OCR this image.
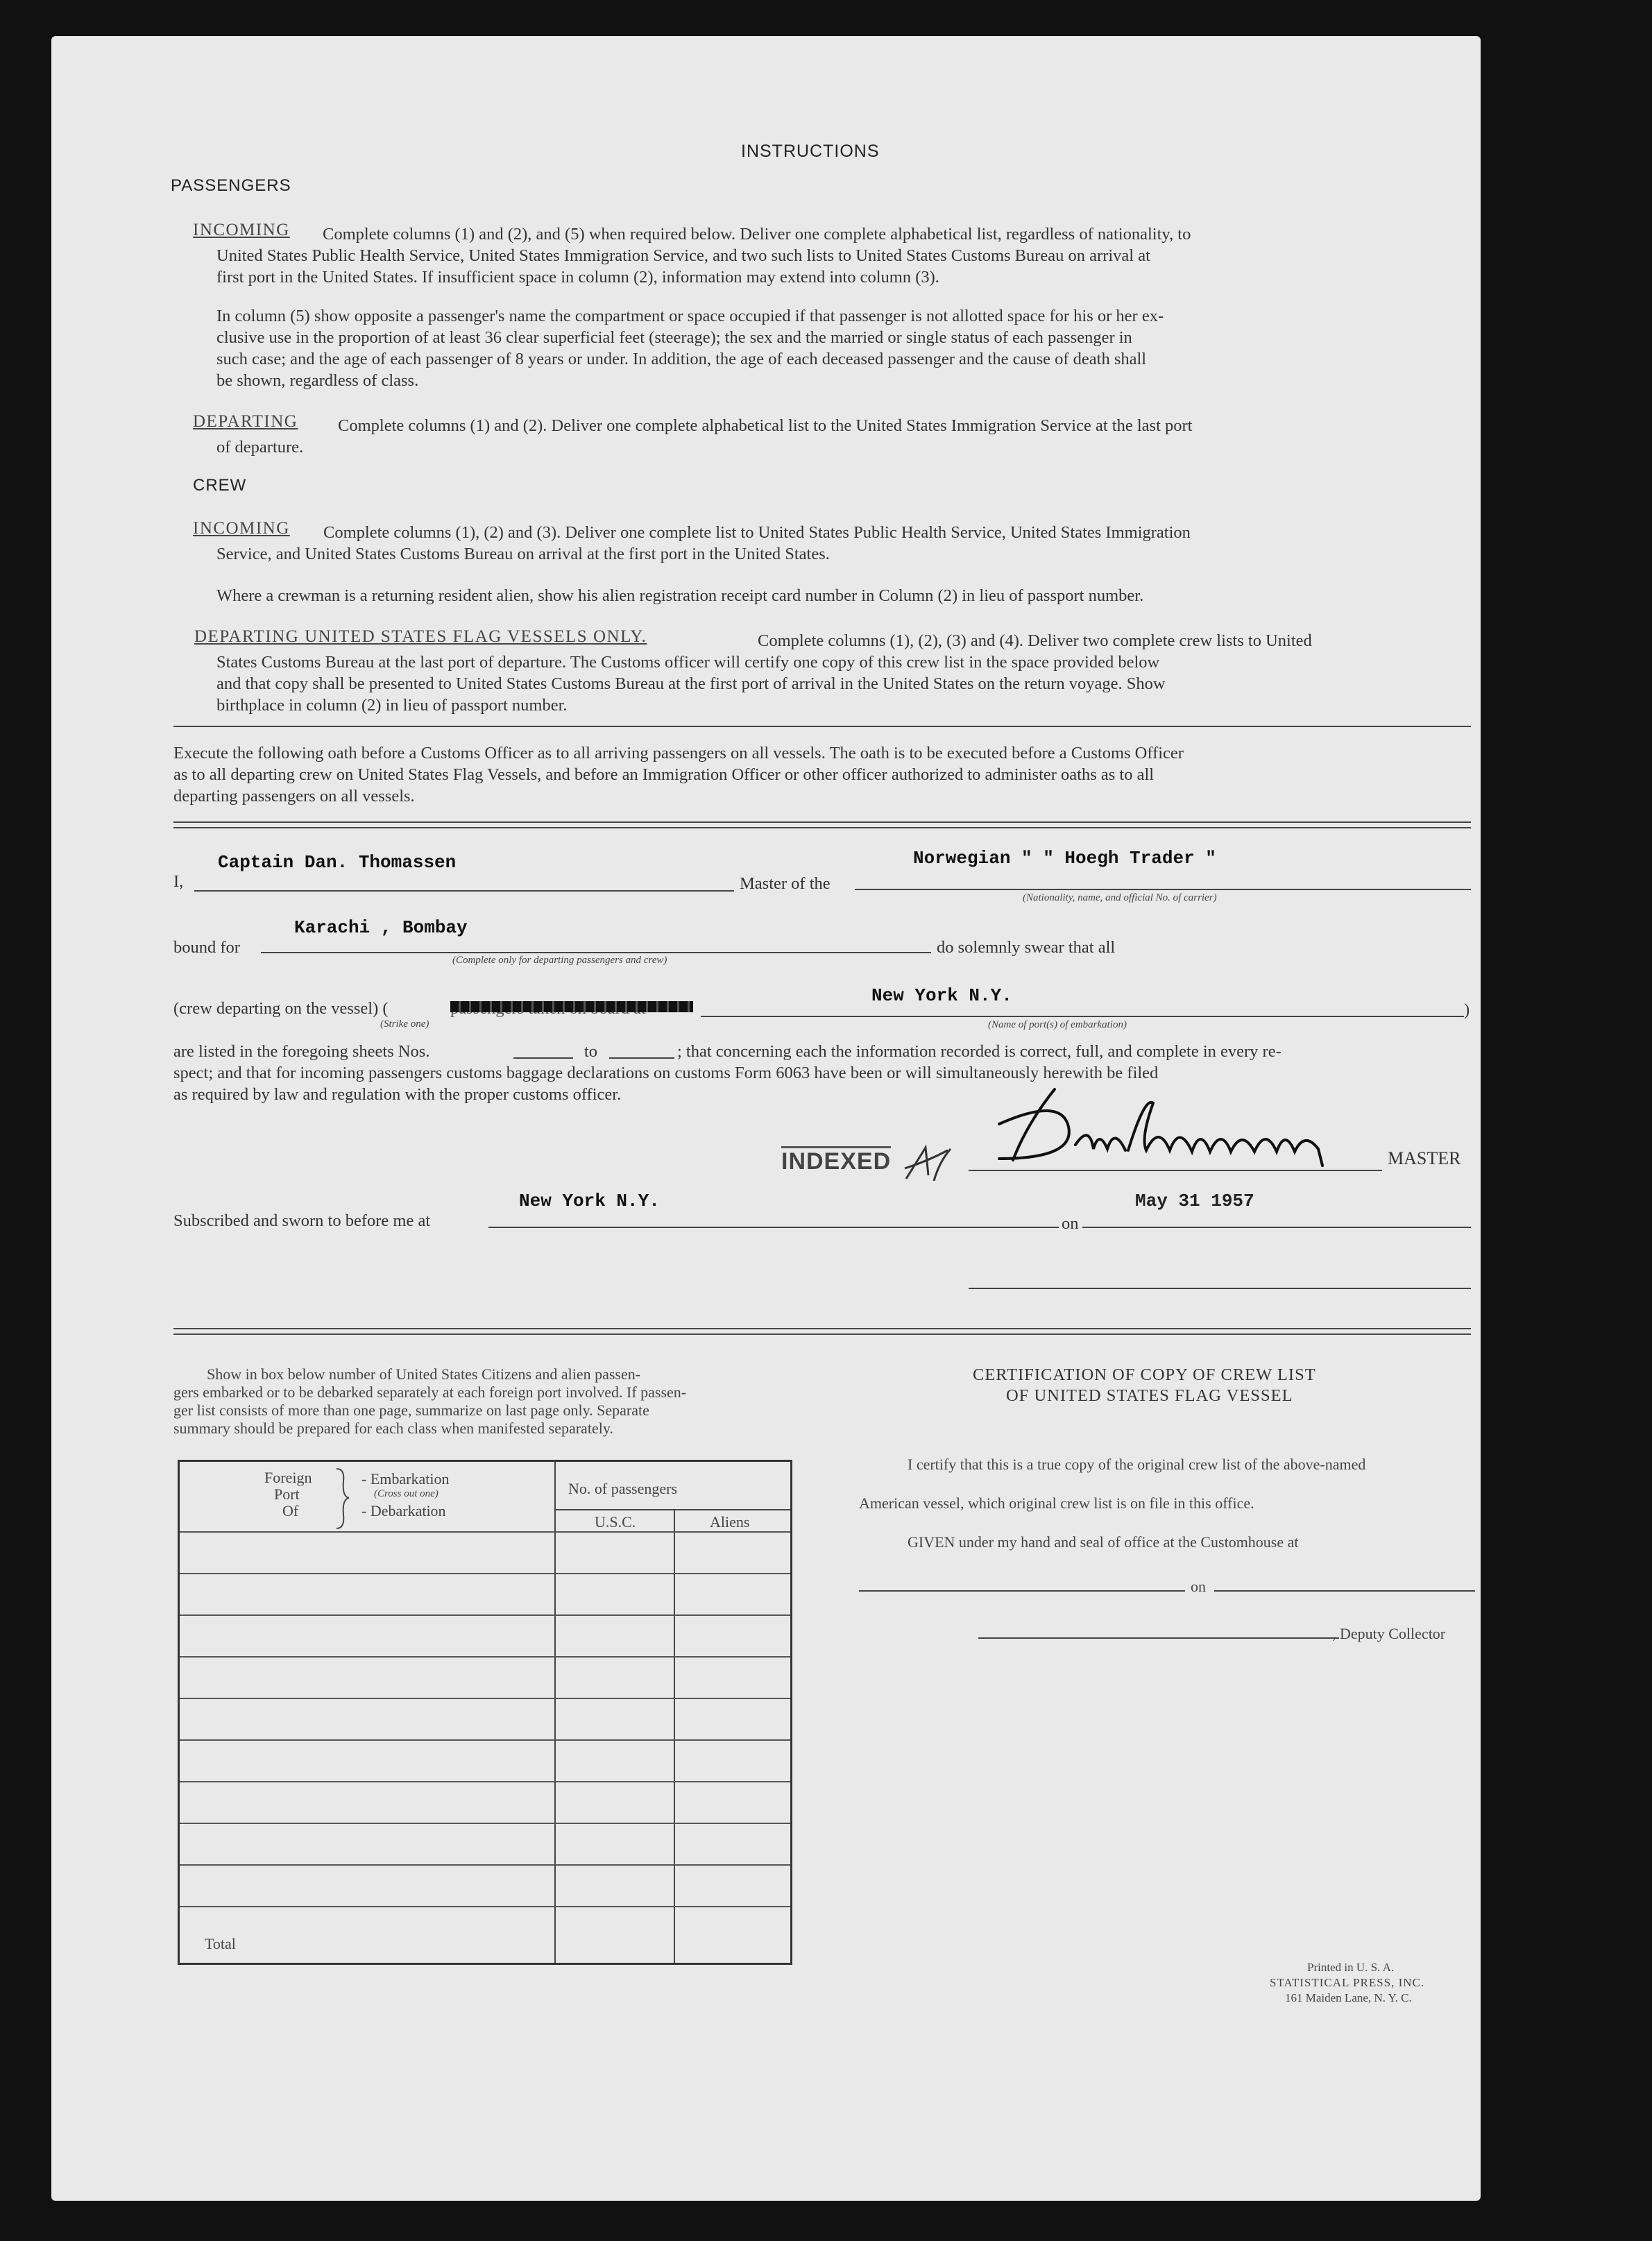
INSTRUCTIONS
PASSENGERS
INCOMING Complete columns (1) and (2), and (5) when required below. Deliver one complete alphabetical list, regardless of nationality, to
United States Public Health Service, United States Immigration Service, and two such lists to United States Customs Bureau on arrival at
first port in the United States. If insufficient space in column (2), information may extend into column (3).
In column (5) show opposite a passenger's name the compartment or space occupied if that passenger is not allotted space for his or her ex-
clusive use in the proportion of at least 36 clear superficial feet (steerage); the sex and the married or single status of each passenger in
such case; and the age of each passenger of 8 years or under. In addition, the age of each deceased passenger and the cause of death shall
be shown, regardless of class.
DEPARTING Complete columns (1) and (2). Deliver one complete alphabetical list to the United States Immigration Service at the last port
of departure.
CREW
INCOMING Complete columns (1), (2) and (3). Deliver one complete list to United States Public Health Service, United States Immigration
Service, and United States Customs Bureau on arrival at the first port in the United States.
Where a crewman is a returning resident alien, show his alien registration receipt card number in Column (2) in lieu of passport number.
DEPARTING UNITED STATES FLAG VESSELS ONLY.	Complete columns (1), (2), (3) and (4). Deliver two complete crew lists to United
States Customs Bureau at the last port of departure. The Customs officer will certify one copy of this crew list in the space provided below
and that copy shall be presented to United States Customs Bureau at the first port of arrival in the United States on the return voyage. Show
birthplace in column (2) in lieu of passport number.
Execute the following oath before a Customs Officer as to all arriving passengers on all vessels. The oath is to be executed before a Customs Officer
as to all departing crew on United States Flag Vessels, and before an Immigration Officer or other officer authorized to administer oaths as to all
departing passengers on all vessels.
I,
Captain Dan. Thomassen
Master of the
Norwegian " " Hoegh Trader "
(Nationality, name, and official No. of carrier)
bound for
Karachi , Bombay
(Complete only for departing passengers and crew)
do solemnly swear that all
(crew departing on the vessel) (
(Strike one)
New York N.Y.
(Name of port(s) of embarkation)
)
are listed in the foregoing sheets Nos.	to	; that concerning each the information recorded is correct, full, and complete in every re-
spect; and that for incoming passengers customs baggage declarations on customs Form 6063 have been or will simultaneously herewith be filed
as required by law and regulation with the proper customs officer.
INDEXED	MASTER
Subscribed and sworn to before me at
New York N.Y.
on
May 31 1957
Show in box below number of United States Citizens and alien passen-
gers embarked or to be debarked separately at each foreign port involved. If passen-
ger list consists of more than one page, summarize on last page only. Separate
summary should be prepared for each class when manifested separately.
Foreign
Port
Of
- Embarkation
(Cross out one)
- Debarkation
No. of passengers
U.S.C.	Aliens
Total
CERTIFICATION OF COPY OF CREW LIST
OF UNITED STATES FLAG VESSEL
I certify that this is a true copy of the original crew list of the above-named
American vessel, which original crew list is on file in this office.
GIVEN under my hand and seal of office at the Customhouse at
on
, Deputy Collector
Printed in U. S. A.
STATISTICAL PRESS, INC.
161 Maiden Lane, N. Y. C.
